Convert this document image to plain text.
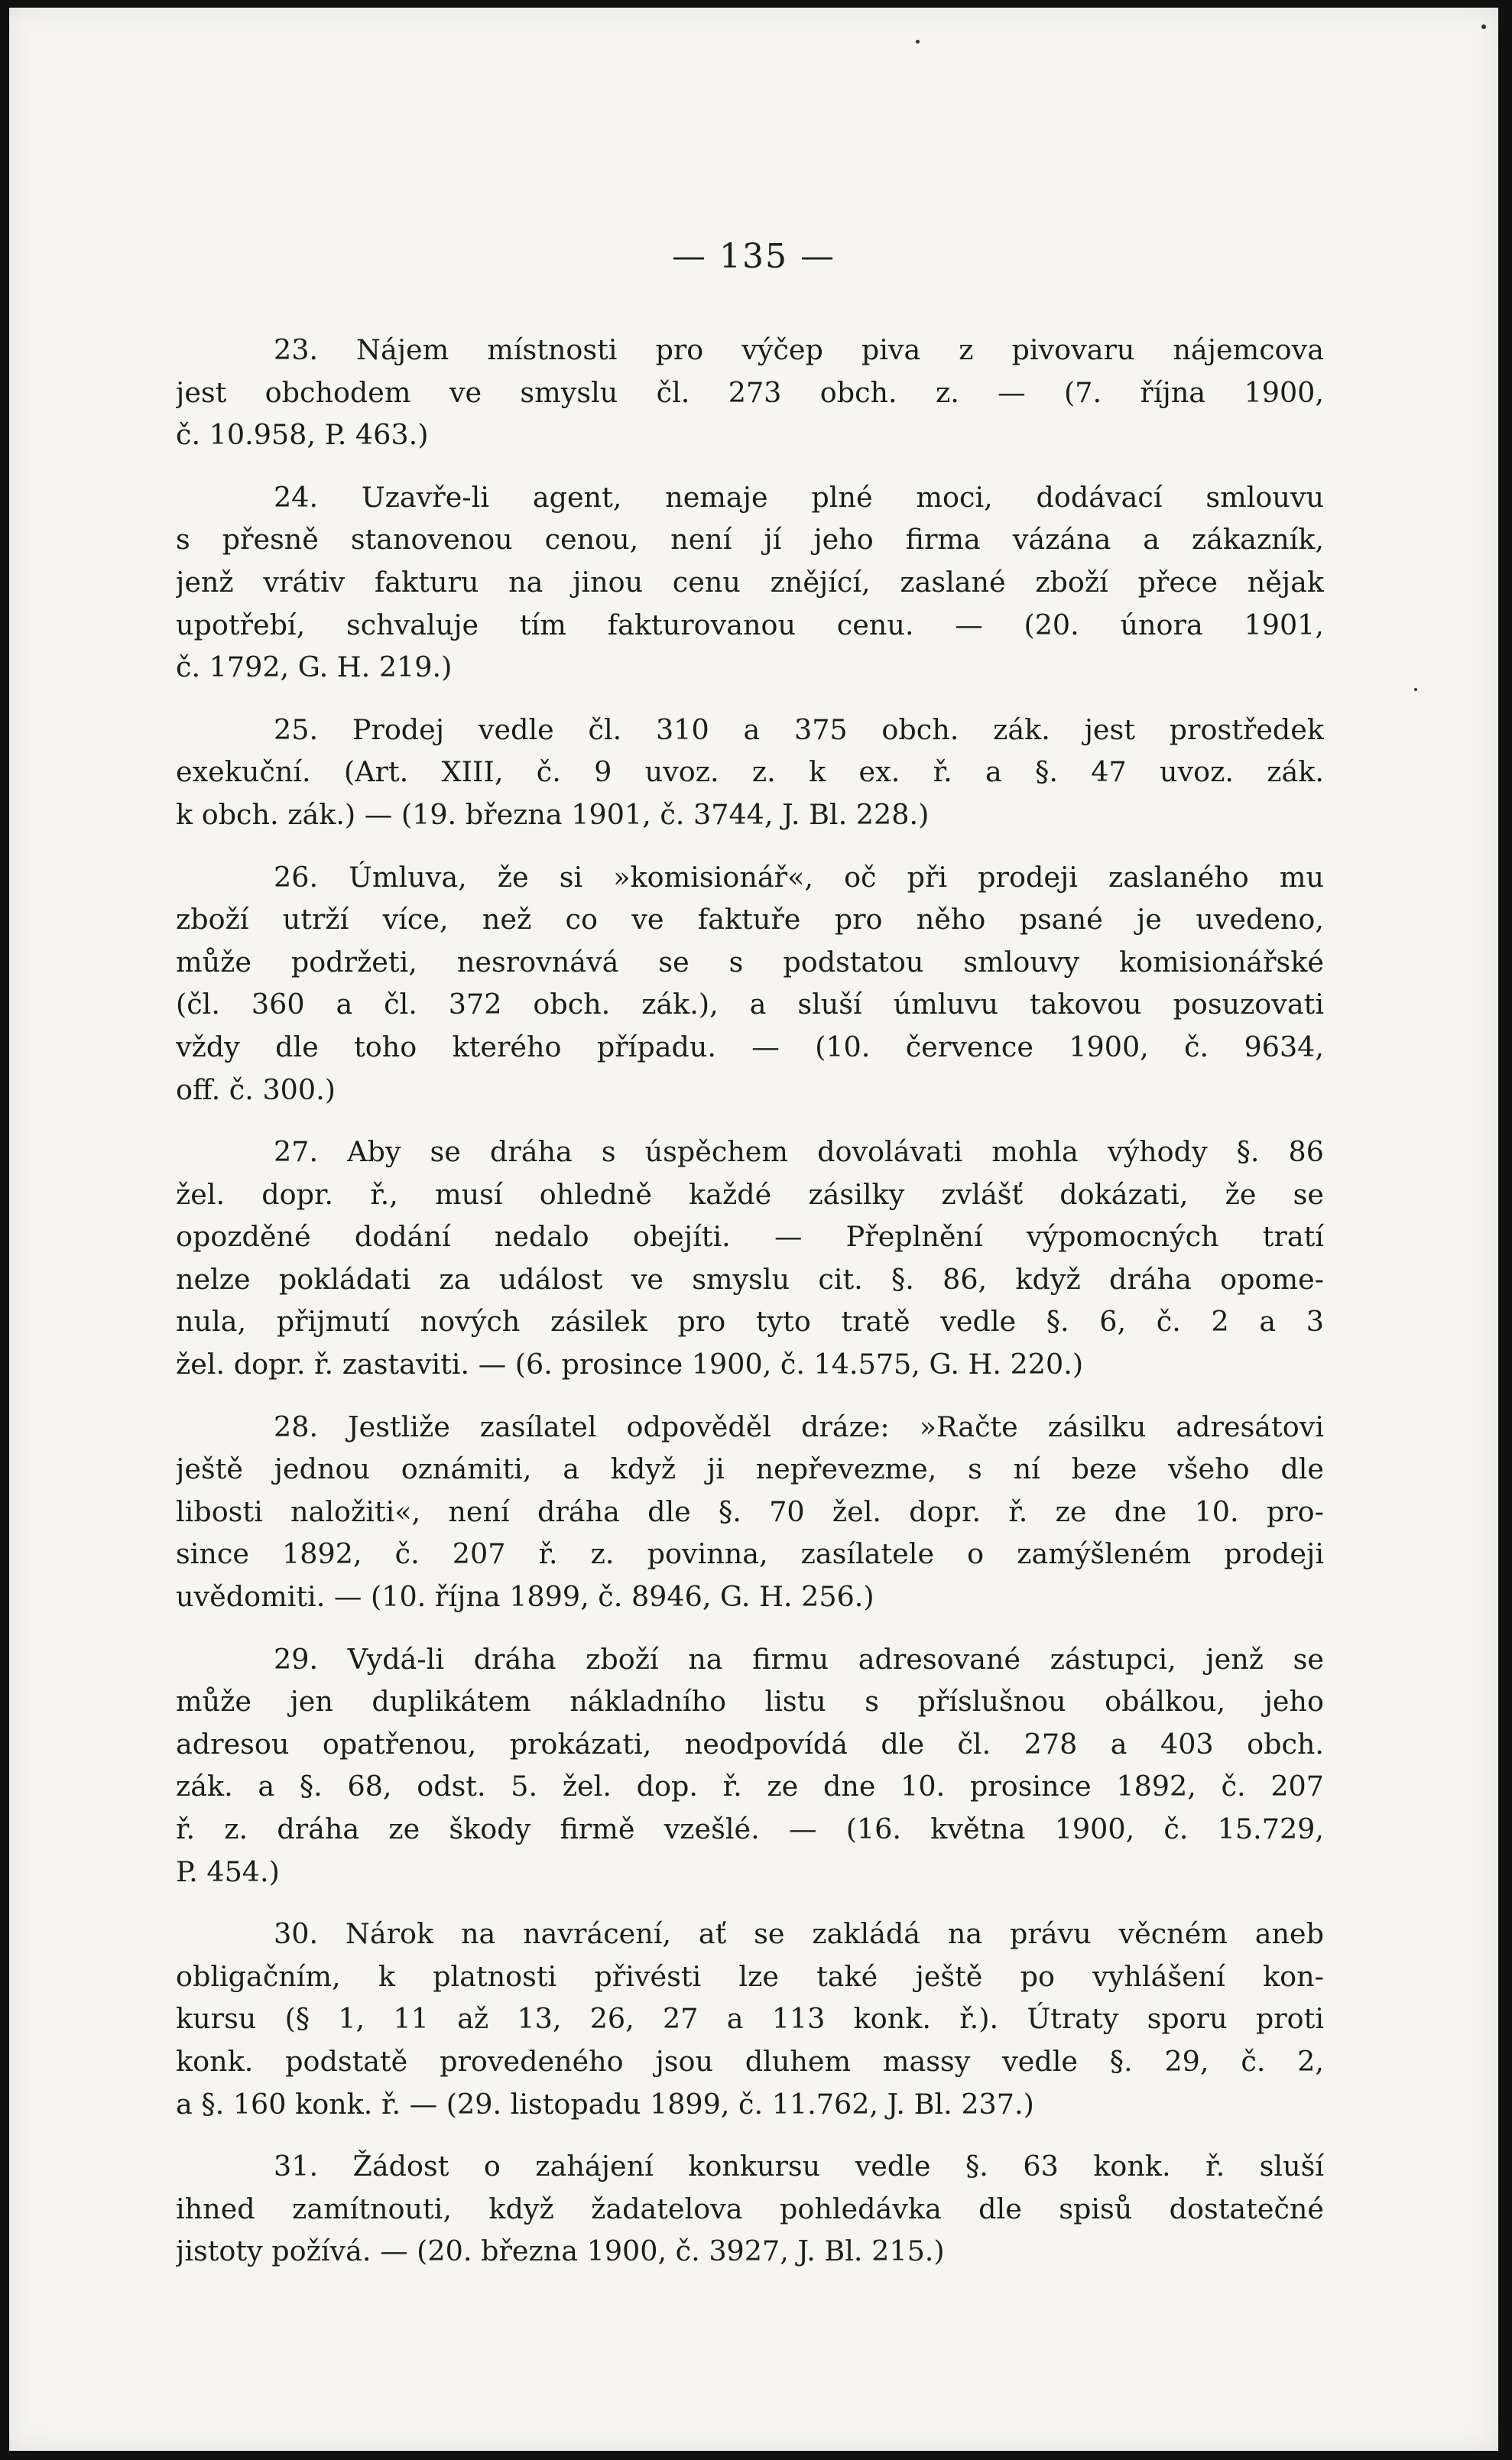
— 135 —
23. Nájem místnosti pro výčep piva z pivovaru nájemcova
jest obchodem ve smyslu čl. 273 obch. z. — (7. října 1900,
č. 10.958, P. 463.)
24. Uzavře-li agent, nemaje plné moci, dodávací smlouvu
s přesně stanovenou cenou, není jí jeho firma vázána a zákazník,
jenž vrátiv fakturu na jinou cenu znějící, zaslané zboží přece nějak
upotřebí, schvaluje tím fakturovanou cenu. — (20. února 1901,
č. 1792, G. H. 219.)
25. Prodej vedle čl. 310 a 375 obch. zák. jest prostředek
exekuční. (Art. XIII, č. 9 uvoz. z. k ex. ř. a §. 47 uvoz. zák.
k obch. zák.) — (19. března 1901, č. 3744, J. Bl. 228.)
26. Úmluva, že si »komisionář«, oč při prodeji zaslaného mu
zboží utrží více, než co ve faktuře pro něho psané je uvedeno,
může podržeti, nesrovnává se s podstatou smlouvy komisionářské
(čl. 360 a čl. 372 obch. zák.), a sluší úmluvu takovou posuzovati
vždy dle toho kterého případu. — (10. července 1900, č. 9634,
off. č. 300.)
27. Aby se dráha s úspěchem dovolávati mohla výhody §. 86
žel. dopr. ř., musí ohledně každé zásilky zvlášť dokázati, že se
opozděné dodání nedalo obejíti. — Přeplnění výpomocných tratí
nelze pokládati za událost ve smyslu cit. §. 86, když dráha opome-
nula, přijmutí nových zásilek pro tyto tratě vedle §. 6, č. 2 a 3
žel. dopr. ř. zastaviti. — (6. prosince 1900, č. 14.575, G. H. 220.)
28. Jestliže zasílatel odpověděl dráze: »Račte zásilku adresátovi
ještě jednou oznámiti, a když ji nepřevezme, s ní beze všeho dle
libosti naložiti«, není dráha dle §. 70 žel. dopr. ř. ze dne 10. pro-
since 1892, č. 207 ř. z. povinna, zasílatele o zamýšleném prodeji
uvědomiti. — (10. října 1899, č. 8946, G. H. 256.)
29. Vydá-li dráha zboží na firmu adresované zástupci, jenž se
může jen duplikátem nákladního listu s příslušnou obálkou, jeho
adresou opatřenou, prokázati, neodpovídá dle čl. 278 a 403 obch.
zák. a §. 68, odst. 5. žel. dop. ř. ze dne 10. prosince 1892, č. 207
ř. z. dráha ze škody firmě vzešlé. — (16. května 1900, č. 15.729,
P. 454.)
30. Nárok na navrácení, ať se zakládá na právu věcném aneb
obligačním, k platnosti přivésti lze také ještě po vyhlášení kon-
kursu (§ 1, 11 až 13, 26, 27 a 113 konk. ř.). Útraty sporu proti
konk. podstatě provedeného jsou dluhem massy vedle §. 29, č. 2,
a §. 160 konk. ř. — (29. listopadu 1899, č. 11.762, J. Bl. 237.)
31. Žádost o zahájení konkursu vedle §. 63 konk. ř. sluší
ihned zamítnouti, když žadatelova pohledávka dle spisů dostatečné
jistoty požívá. — (20. března 1900, č. 3927, J. Bl. 215.)
